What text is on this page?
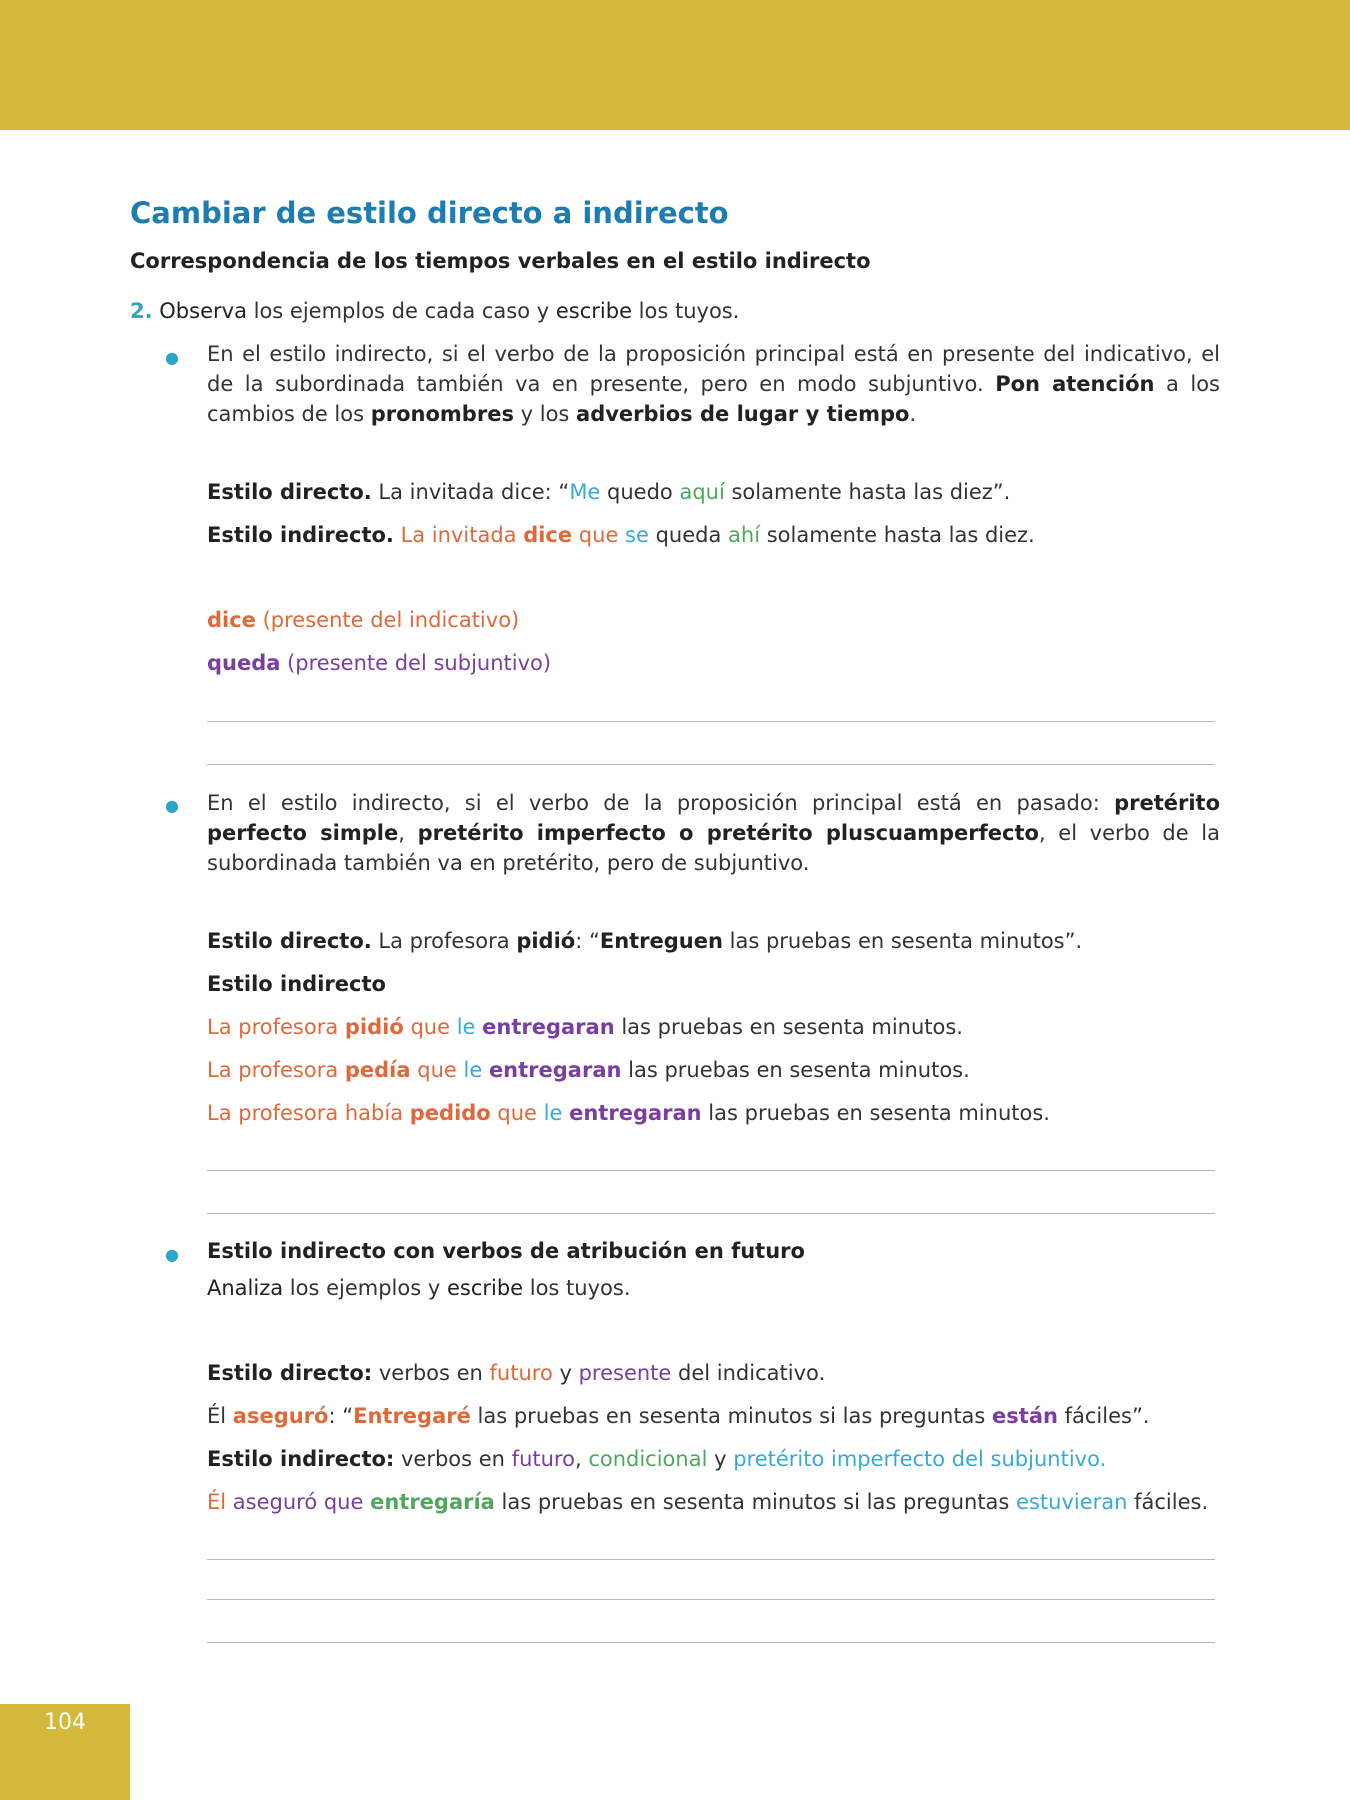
Cambiar de estilo directo a indirecto
Correspondencia de los tiempos verbales en el estilo indirecto
2. Observa los ejemplos de cada caso y escribe los tuyos.
● En el estilo indirecto, si el verbo de la proposición principal está en presente del indicativo, el de la subordinada también va en presente, pero en modo subjuntivo. Pon atención a los cambios de los pronombres y los adverbios de lugar y tiempo.
Estilo directo. La invitada dice: “Me quedo aquí solamente hasta las diez”.
Estilo indirecto. La invitada dice que se queda ahí solamente hasta las diez.
dice (presente del indicativo)
queda (presente del subjuntivo)
● En el estilo indirecto, si el verbo de la proposición principal está en pasado: pretérito perfecto simple, pretérito imperfecto o pretérito pluscuamperfecto, el verbo de la subordinada también va en pretérito, pero de subjuntivo.
Estilo directo. La profesora pidió: “Entreguen las pruebas en sesenta minutos”.
Estilo indirecto
La profesora pidió que le entregaran las pruebas en sesenta minutos.
La profesora pedía que le entregaran las pruebas en sesenta minutos.
La profesora había pedido que le entregaran las pruebas en sesenta minutos.
● Estilo indirecto con verbos de atribución en futuro
Analiza los ejemplos y escribe los tuyos.
Estilo directo: verbos en futuro y presente del indicativo.
Él aseguró: “Entregaré las pruebas en sesenta minutos si las preguntas están fáciles”.
Estilo indirecto: verbos en futuro, condicional y pretérito imperfecto del subjuntivo.
Él aseguró que entregaría las pruebas en sesenta minutos si las preguntas estuvieran fáciles.
104
